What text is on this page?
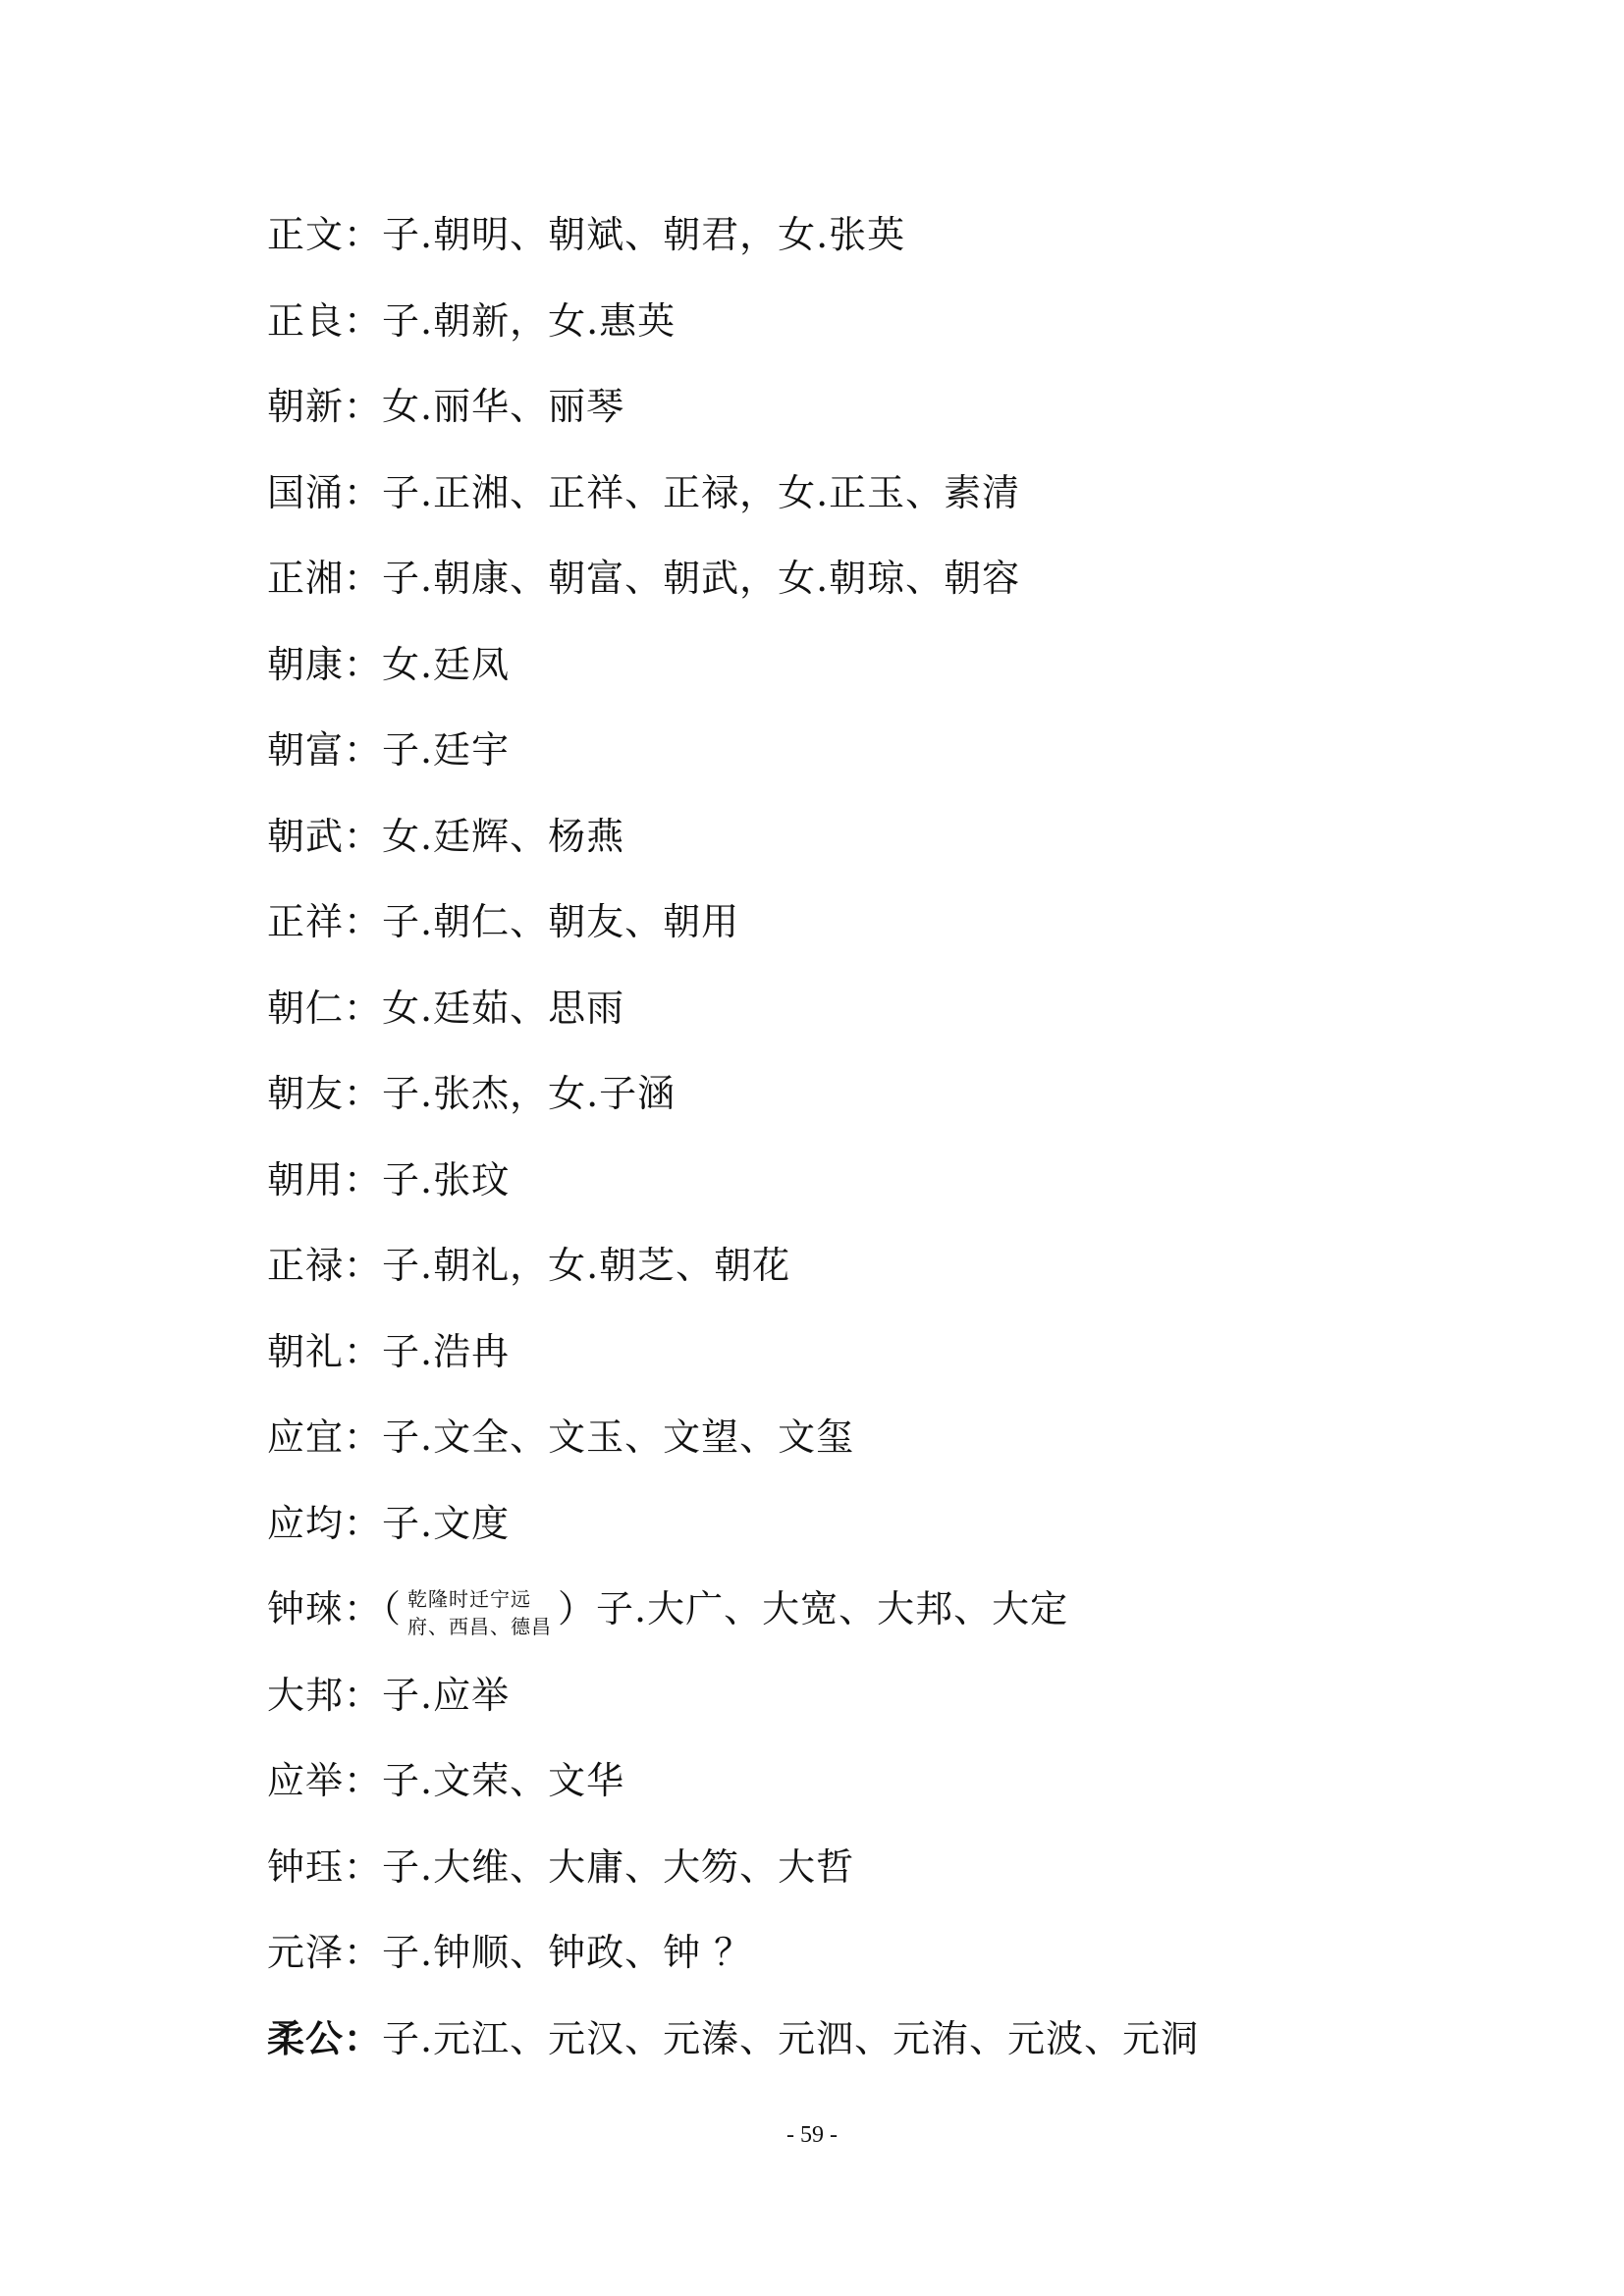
正文：子.朝明、朝斌、朝君，女.张英
正良：子.朝新，女.惠英
朝新：女.丽华、丽琴
国涌：子.正湘、正祥、正禄，女.正玉、素清
正湘：子.朝康、朝富、朝武，女.朝琼、朝容
朝康：女.廷凤
朝富：子.廷宇
朝武：女.廷辉、杨燕
正祥：子.朝仁、朝友、朝用
朝仁：女.廷茹、思雨
朝友：子.张杰，女.子涵
朝用：子.张玟
正禄：子.朝礼，女.朝芝、朝花
朝礼：子.浩冉
应宜：子.文全、文玉、文望、文玺
应均：子.文度
钟琜：（ 乾隆时迁宁远
府、西昌、德昌 ）子.大广、大宽、大邦、大定
大邦：子.应举
应举：子.文荣、文华
钟珏：子.大维、大庸、大笏、大哲
元泽：子.钟顺、钟政、钟 ？
柔公：子.元江、元汉、元溱、元泗、元洧、元波、元洞
- 59 -
